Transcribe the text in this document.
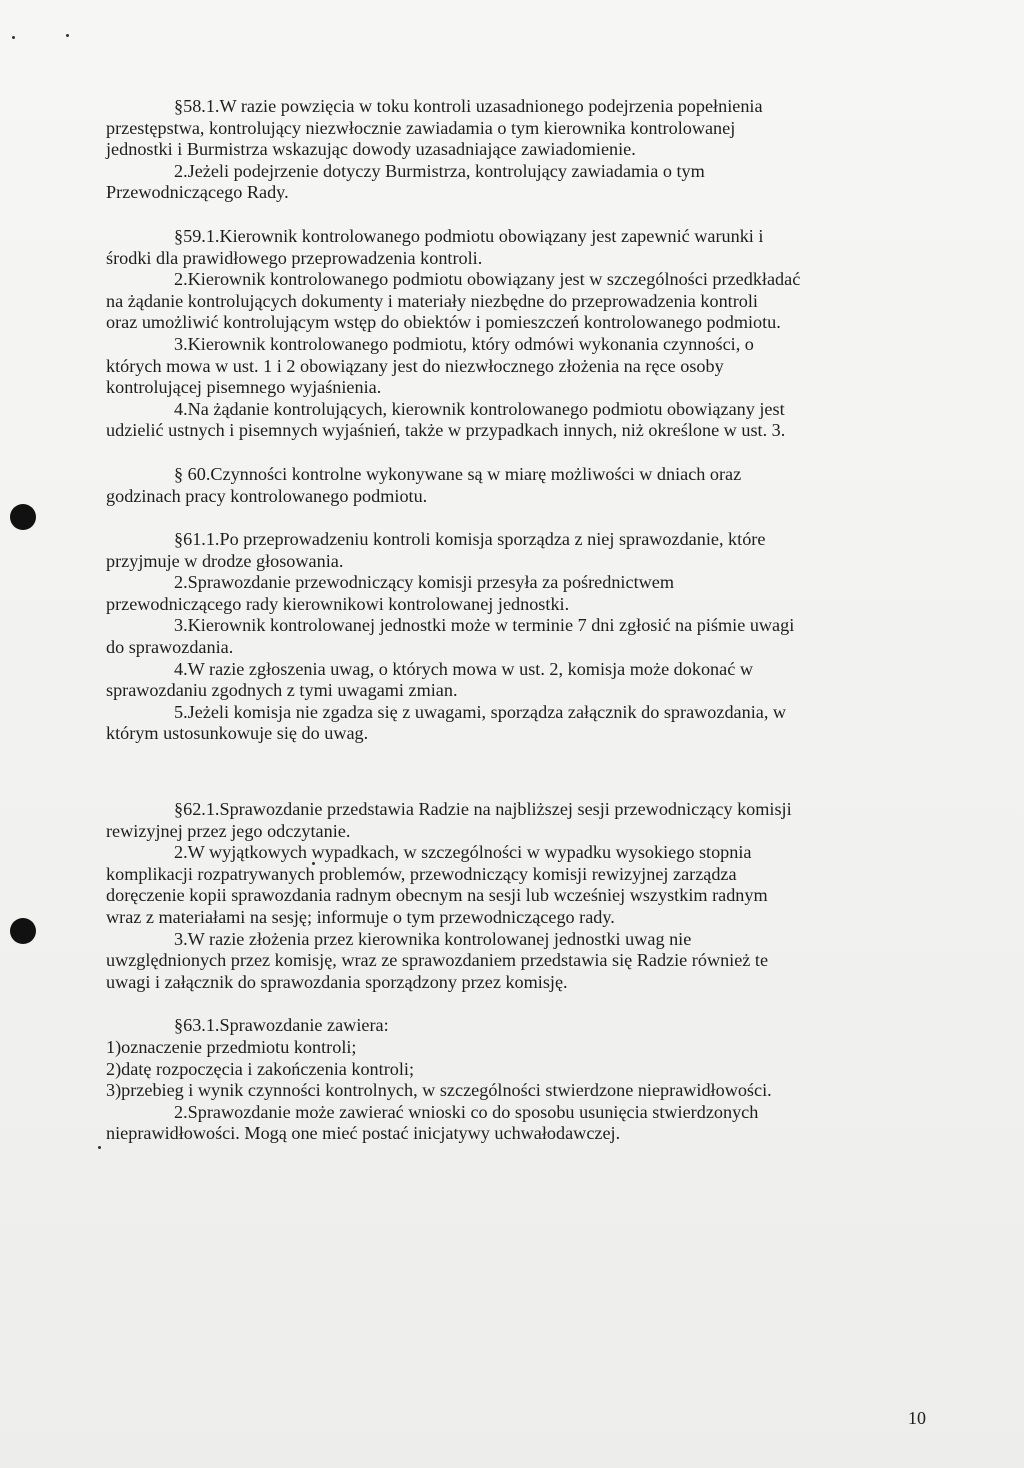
§58.1.W razie powzięcia w toku kontroli uzasadnionego podejrzenia popełnienia
przestępstwa, kontrolujący niezwłocznie zawiadamia o tym kierownika kontrolowanej
jednostki i Burmistrza wskazując dowody uzasadniające zawiadomienie.
2.Jeżeli podejrzenie dotyczy Burmistrza, kontrolujący zawiadamia o tym
Przewodniczącego Rady.
§59.1.Kierownik kontrolowanego podmiotu obowiązany jest zapewnić warunki i
środki dla prawidłowego przeprowadzenia kontroli.
2.Kierownik kontrolowanego podmiotu obowiązany jest w szczególności przedkładać
na żądanie kontrolujących dokumenty i materiały niezbędne do przeprowadzenia kontroli
oraz umożliwić kontrolującym wstęp do obiektów i pomieszczeń kontrolowanego podmiotu.
3.Kierownik kontrolowanego podmiotu, który odmówi wykonania czynności, o
których mowa w ust. 1 i 2 obowiązany jest do niezwłocznego złożenia na ręce osoby
kontrolującej pisemnego wyjaśnienia.
4.Na żądanie kontrolujących, kierownik kontrolowanego podmiotu obowiązany jest
udzielić ustnych i pisemnych wyjaśnień, także w przypadkach innych, niż określone w ust. 3.
§ 60.Czynności kontrolne wykonywane są w miarę możliwości w dniach oraz
godzinach pracy kontrolowanego podmiotu.
§61.1.Po przeprowadzeniu kontroli komisja sporządza z niej sprawozdanie, które
przyjmuje w drodze głosowania.
2.Sprawozdanie przewodniczący komisji przesyła za pośrednictwem
przewodniczącego rady kierownikowi kontrolowanej jednostki.
3.Kierownik kontrolowanej jednostki może w terminie 7 dni zgłosić na piśmie uwagi
do sprawozdania.
4.W razie zgłoszenia uwag, o których mowa w ust. 2, komisja może dokonać w
sprawozdaniu zgodnych z tymi uwagami zmian.
5.Jeżeli komisja nie zgadza się z uwagami, sporządza załącznik do sprawozdania, w
którym ustosunkowuje się do uwag.
§62.1.Sprawozdanie przedstawia Radzie na najbliższej sesji przewodniczący komisji
rewizyjnej przez jego odczytanie.
2.W wyjątkowych wypadkach, w szczególności w wypadku wysokiego stopnia
komplikacji rozpatrywanych problemów, przewodniczący komisji rewizyjnej zarządza
doręczenie kopii sprawozdania radnym obecnym na sesji lub wcześniej wszystkim radnym
wraz z materiałami na sesję; informuje o tym przewodniczącego rady.
3.W razie złożenia przez kierownika kontrolowanej jednostki uwag nie
uwzględnionych przez komisję, wraz ze sprawozdaniem przedstawia się Radzie również te
uwagi i załącznik do sprawozdania sporządzony przez komisję.
§63.1.Sprawozdanie zawiera:
1)oznaczenie przedmiotu kontroli;
2)datę rozpoczęcia i zakończenia kontroli;
3)przebieg i wynik czynności kontrolnych, w szczególności stwierdzone nieprawidłowości.
2.Sprawozdanie może zawierać wnioski co do sposobu usunięcia stwierdzonych
nieprawidłowości. Mogą one mieć postać inicjatywy uchwałodawczej.
10
